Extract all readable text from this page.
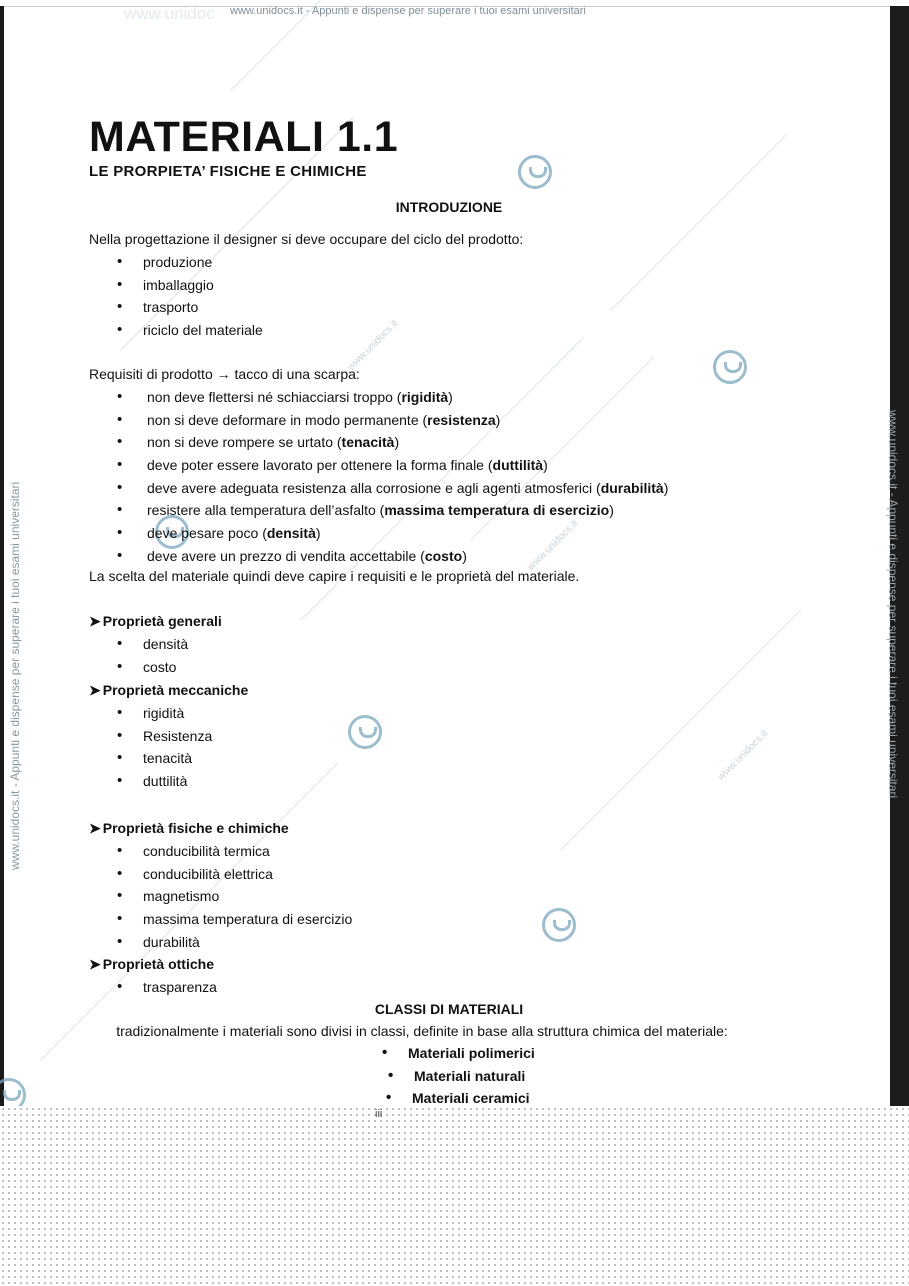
www.unidocs.it
www.unidocs.it
www.unidocs.it
www.unidoc www.unidocs.it - Appunti e dispense per superare i tuoi esami universitari
www.unidocs.it - Appunti e dispense per superare i tuoi esami universitari	www.unidocs.it - Appunti e dispense per superare i tuoi esami universitari
MATERIALI 1.1
LE PRORPIETA’ FISICHE E CHIMICHE
INTRODUZIONE
Nella progettazione il designer si deve occupare del ciclo del prodotto:
• produzione
• imballaggio
• trasporto
• riciclo del materiale
Requisiti di prodotto → tacco di una scarpa:
• non deve flettersi né schiacciarsi troppo (rigidità)
• non si deve deformare in modo permanente (resistenza)
• non si deve rompere se urtato (tenacità)
• deve poter essere lavorato per ottenere la forma finale (duttilità)
• deve avere adeguata resistenza alla corrosione e agli agenti atmosferici (durabilità)
• resistere alla temperatura dell’asfalto (massima temperatura di esercizio)
• deve pesare poco (densità)
• deve avere un prezzo di vendita accettabile (costo)
La scelta del materiale quindi deve capire i requisiti e le proprietà del materiale.
➤ Proprietà generali
• densità
• costo
➤ Proprietà meccaniche
• rigidità
• Resistenza
• tenacità
• duttilità
➤ Proprietà fisiche e chimiche
• conducibilità termica
• conducibilità elettrica
• magnetismo
• massima temperatura di esercizio
• durabilità
➤ Proprietà ottiche
• trasparenza
CLASSI DI MATERIALI
tradizionalmente i materiali sono divisi in classi, definite in base alla struttura chimica del materiale:
• Materiali polimerici
• Materiali naturali
• Materiali ceramici
iii
